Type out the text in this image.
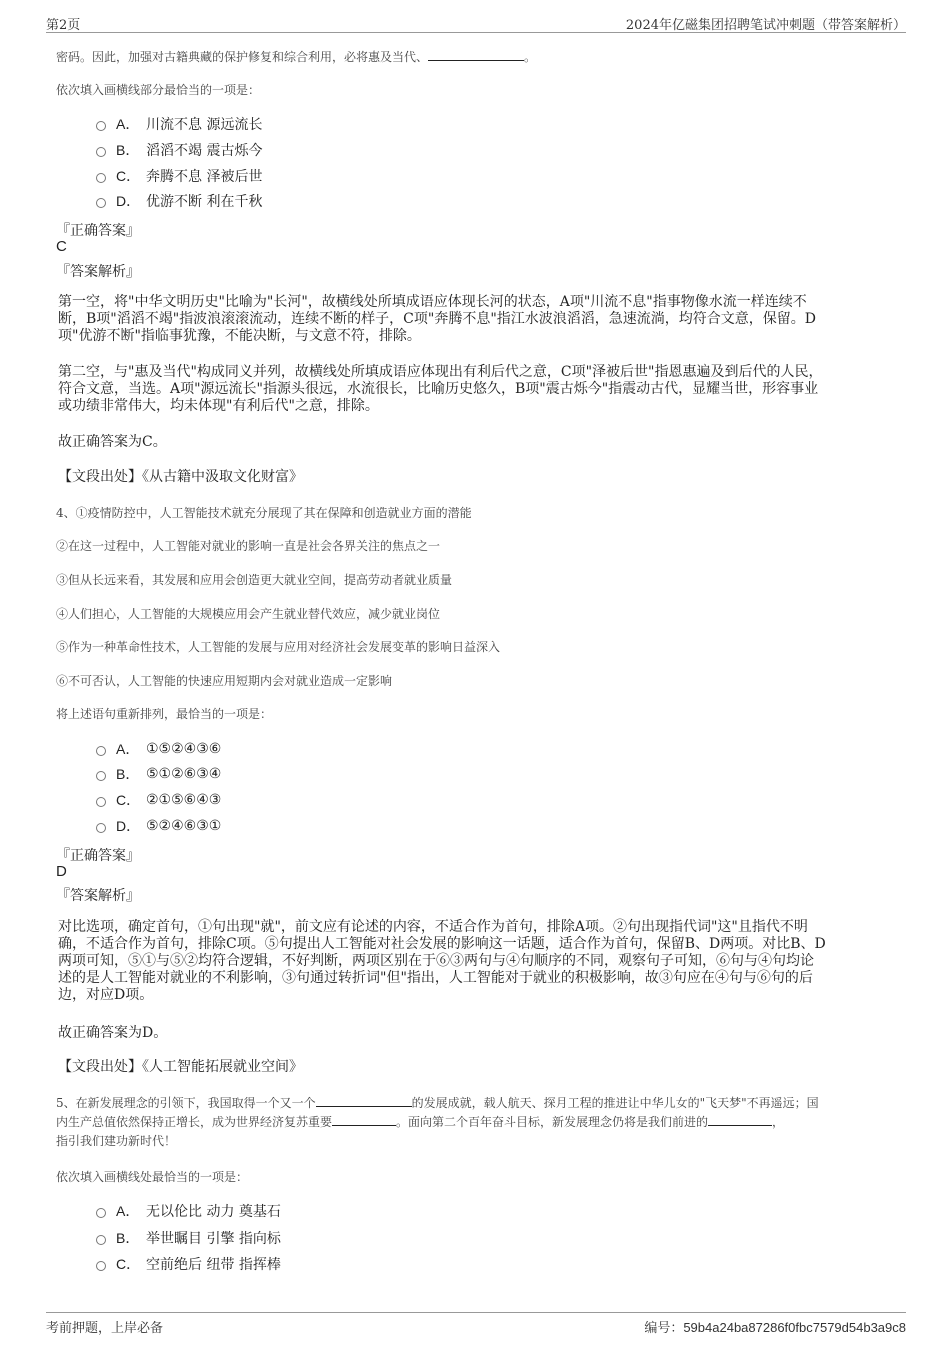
第2页	2024年亿磁集团招聘笔试冲刺题（带答案解析）
密码。因此，加强对古籍典藏的保护修复和综合利用，必将惠及当代、	。
依次填入画横线部分最恰当的一项是：
A． 川流不息 源远流长
B． 滔滔不竭 震古烁今
C． 奔腾不息 泽被后世
D． 优游不断 利在千秋
『正确答案』
C
『答案解析』
第一空，将"中华文明历史"比喻为"长河"，故横线处所填成语应体现长河的状态，A项"川流不息"指事物像水流一样连续不
断，B项"滔滔不竭"指波浪滚滚流动，连续不断的样子，C项"奔腾不息"指江水波浪滔滔，急速流淌，均符合文意，保留。D
项"优游不断"指临事犹豫，不能决断，与文意不符，排除。
第二空，与"惠及当代"构成同义并列，故横线处所填成语应体现出有利后代之意，C项"泽被后世"指恩惠遍及到后代的人民，
符合文意，当选。A项"源远流长"指源头很远，水流很长，比喻历史悠久，B项"震古烁今"指震动古代，显耀当世，形容事业
或功绩非常伟大，均未体现"有利后代"之意，排除。
故正确答案为C。
【文段出处】《从古籍中汲取文化财富》
4、①疫情防控中，人工智能技术就充分展现了其在保障和创造就业方面的潜能
②在这一过程中，人工智能对就业的影响一直是社会各界关注的焦点之一
③但从长远来看，其发展和应用会创造更大就业空间，提高劳动者就业质量
④人们担心，人工智能的大规模应用会产生就业替代效应，减少就业岗位
⑤作为一种革命性技术，人工智能的发展与应用对经济社会发展变革的影响日益深入
⑥不可否认，人工智能的快速应用短期内会对就业造成一定影响
将上述语句重新排列，最恰当的一项是：
A． ①⑤②④③⑥
B． ⑤①②⑥③④
C． ②①⑤⑥④③
D． ⑤②④⑥③①
『正确答案』
D
『答案解析』
对比选项，确定首句，①句出现"就"，前文应有论述的内容，不适合作为首句，排除A项。②句出现指代词"这"且指代不明
确，不适合作为首句，排除C项。⑤句提出人工智能对社会发展的影响这一话题，适合作为首句，保留B、D两项。对比B、D
两项可知，⑤①与⑤②均符合逻辑，不好判断，两项区别在于⑥③两句与④句顺序的不同，观察句子可知，⑥句与④句均论
述的是人工智能对就业的不利影响，③句通过转折词"但"指出，人工智能对于就业的积极影响，故③句应在④句与⑥句的后
边，对应D项。
故正确答案为D。
【文段出处】《人工智能拓展就业空间》
5、在新发展理念的引领下，我国取得一个又一个	的发展成就，载人航天、探月工程的推进让中华儿女的"飞天梦"不再遥远；国
内生产总值依然保持正增长，成为世界经济复苏重要	。面向第二个百年奋斗目标，新发展理念仍将是我们前进的	，
指引我们建功新时代！
依次填入画横线处最恰当的一项是：
A． 无以伦比 动力 奠基石
B． 举世瞩目 引擎 指向标
C． 空前绝后 纽带 指挥棒
考前押题，上岸必备	编号：59b4a24ba87286f0fbc7579d54b3a9c8
